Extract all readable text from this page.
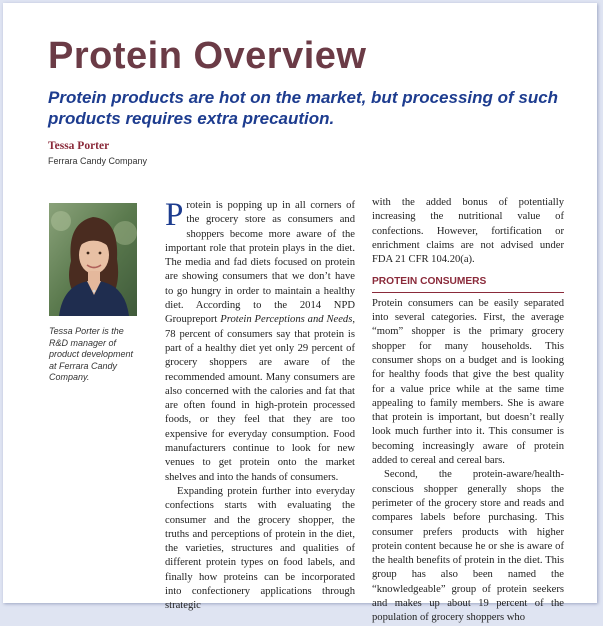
Protein Overview
Protein products are hot on the market, but processing of such products requires extra precaution.
Tessa Porter
Ferrara Candy Company
Tessa Porter is the R&D manager of product development at Ferrara Candy Company.

Protein is popping up in all corners of the grocery store as consumers and shoppers become more aware of the important role that protein plays in the diet. The media and fad diets focused on protein are showing consumers that we don’t have to go hungry in order to maintain a healthy diet. According to the 2014 NPD Groupreport Protein Perceptions and Needs, 78 percent of consumers say that protein is part of a healthy diet yet only 29 percent of grocery shoppers are aware of the recommended amount. Many consumers are also concerned with the calories and fat that are often found in high-protein processed foods, or they feel that they are too expensive for everyday consumption. Food manufacturers continue to look for new venues to get protein onto the market shelves and into the hands of consumers.

Expanding protein further into everyday confections starts with evaluating the consumer and the grocery shopper, the truths and perceptions of protein in the diet, the varieties, structures and qualities of different protein types on food labels, and finally how proteins can be incorporated into confectionery applications through strategic

with the added bonus of potentially increasing the nutritional value of confections. However, fortification or enrichment claims are not advised under FDA 21 CFR 104.20(a).

PROTEIN CONSUMERS

Protein consumers can be easily separated into several categories. First, the average “mom” shopper is the primary grocery shopper for many households. This consumer shops on a budget and is looking for healthy foods that give the best quality for a value price while at the same time appealing to family members. She is aware that protein is important, but doesn’t really look much further into it. This consumer is becoming increasingly aware of protein added to cereal and cereal bars.

Second, the protein-aware/health-conscious shopper generally shops the perimeter of the grocery store and reads and compares labels before purchasing. This consumer prefers products with higher protein content because he or she is aware of the health benefits of protein in the diet. This group has also been named the “knowledgeable” group of protein seekers and makes up about 19 percent of the population of grocery shoppers who
